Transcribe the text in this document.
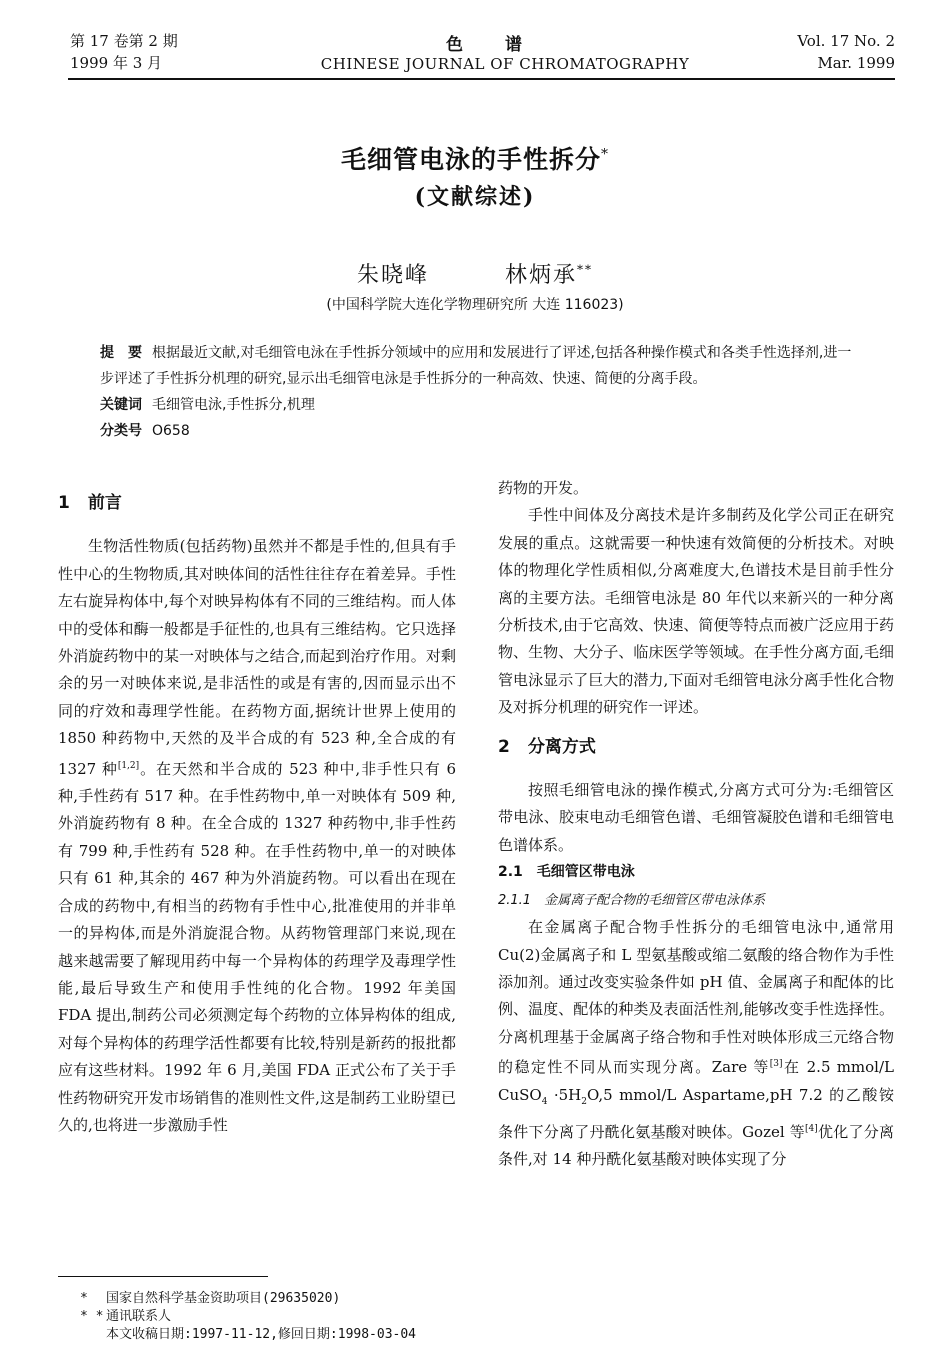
第 17 卷第 2 期
1999 年 3 月
色谱
CHINESE JOURNAL OF CHROMATOGRAPHY
Vol. 17 No. 2
Mar. 1999
毛细管电泳的手性拆分*
(文献综述)
朱晓峰	林炳承**
(中国科学院大连化学物理研究所 大连 116023)
提　要 根据最近文献,对毛细管电泳在手性拆分领域中的应用和发展进行了评述,包括各种操作模式和各类手性选择剂,进一步评述了手性拆分机理的研究,显示出毛细管电泳是手性拆分的一种高效、快速、简便的分离手段。
关键词 毛细管电泳,手性拆分,机理
分类号 O658
1 前言

生物活性物质(包括药物)虽然并不都是手性的,但具有手性中心的生物物质,其对映体间的活性往往存在着差异。手性左右旋异构体中,每个对映异构体有不同的三维结构。而人体中的受体和酶一般都是手征性的,也具有三维结构。它只选择外消旋药物中的某一对映体与之结合,而起到治疗作用。对剩余的另一对映体来说,是非活性的或是有害的,因而显示出不同的疗效和毒理学性能。在药物方面,据统计世界上使用的 1850 种药物中,天然的及半合成的有 523 种,全合成的有 1327 种[1,2]。在天然和半合成的 523 种中,非手性只有 6 种,手性药有 517 种。在手性药物中,单一对映体有 509 种,外消旋药物有 8 种。在全合成的 1327 种药物中,非手性药有 799 种,手性药有 528 种。在手性药物中,单一的对映体只有 61 种,其余的 467 种为外消旋药物。可以看出在现在合成的药物中,有相当的药物有手性中心,批准使用的并非单一的异构体,而是外消旋混合物。从药物管理部门来说,现在越来越需要了解现用药中每一个异构体的药理学及毒理学性能,最后导致生产和使用手性纯的化合物。1992 年美国 FDA 提出,制药公司必须测定每个药物的立体异构体的组成,对每个异构体的药理学活性都要有比较,特别是新药的报批都应有这些材料。1992 年 6 月,美国 FDA 正式公布了关于手性药物研究开发市场销售的准则性文件,这是制药工业盼望已久的,也将进一步激励手性

药物的开发。

手性中间体及分离技术是许多制药及化学公司正在研究发展的重点。这就需要一种快速有效简便的分析技术。对映体的物理化学性质相似,分离难度大,色谱技术是目前手性分离的主要方法。毛细管电泳是 80 年代以来新兴的一种分离分析技术,由于它高效、快速、简便等特点而被广泛应用于药物、生物、大分子、临床医学等领域。在手性分离方面,毛细管电泳显示了巨大的潜力,下面对毛细管电泳分离手性化合物及对拆分机理的研究作一评述。

2 分离方式

按照毛细管电泳的操作模式,分离方式可分为:毛细管区带电泳、胶束电动毛细管色谱、毛细管凝胶色谱和毛细管电色谱体系。

2.1　毛细管区带电泳
2.1.1　金属离子配合物的毛细管区带电泳体系

在金属离子配合物手性拆分的毛细管电泳中,通常用 Cu(2)金属离子和 L 型氨基酸或缩二氨酸的络合物作为手性添加剂。通过改变实验条件如 pH 值、金属离子和配体的比例、温度、配体的种类及表面活性剂,能够改变手性选择性。分离机理基于金属离子络合物和手性对映体形成三元络合物的稳定性不同从而实现分离。Zare 等[3]在 2.5 mmol/L CuSO$_4$ $\cdot 5H_2O,5$ mmol/L Aspartame,pH 7.2 的乙酸铵条件下分离了丹酰化氨基酸对映体。Gozel 等[4]优化了分离条件,对 14 种丹酰化氨基酸对映体实现了分

* 国家自然科学基金资助项目(29635020)
* * 通讯联系人
本文收稿日期:1997-11-12,修回日期:1998-03-04
